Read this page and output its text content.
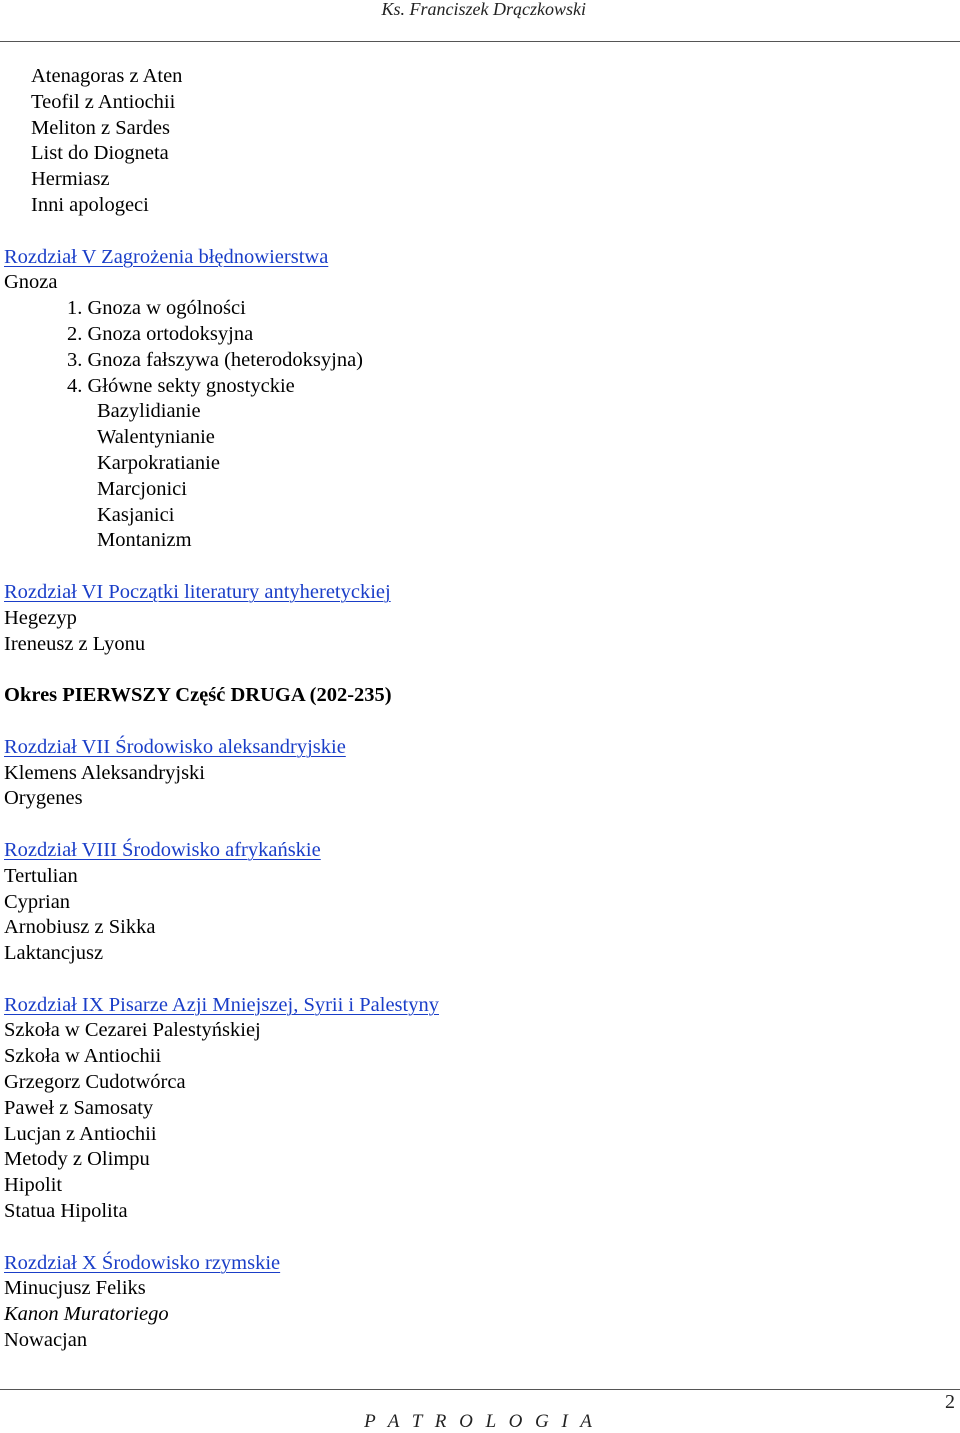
Ks. Franciszek Drączkowski
Atenagoras z Aten
Teofil z Antiochii
Meliton z Sardes
List do Diogneta
Hermiasz
Inni apologeci
Rozdział V Zagrożenia błędnowierstwa
Gnoza
1. Gnoza w ogólności
2. Gnoza ortodoksyjna
3. Gnoza fałszywa (heterodoksyjna)
4. Główne sekty gnostyckie
Bazylidianie
Walentynianie
Karpokratianie
Marcjonici
Kasjanici
Montanizm
Rozdział VI Początki literatury antyheretyckiej
Hegezyp
Ireneusz z Lyonu
Okres PIERWSZY Część DRUGA (202-235)
Rozdział VII Środowisko aleksandryjskie
Klemens Aleksandryjski
Orygenes
Rozdział VIII Środowisko afrykańskie
Tertulian
Cyprian
Arnobiusz z Sikka
Laktancjusz
Rozdział IX Pisarze Azji Mniejszej, Syrii i Palestyny
Szkoła w Cezarei Palestyńskiej
Szkoła w Antiochii
Grzegorz Cudotwórca
Paweł z Samosaty
Lucjan z Antiochii
Metody z Olimpu
Hipolit
Statua Hipolita
Rozdział X Środowisko rzymskie
Minucjusz Feliks
Kanon Muratoriego
Nowacjan
2
P A T R O L O G I A
